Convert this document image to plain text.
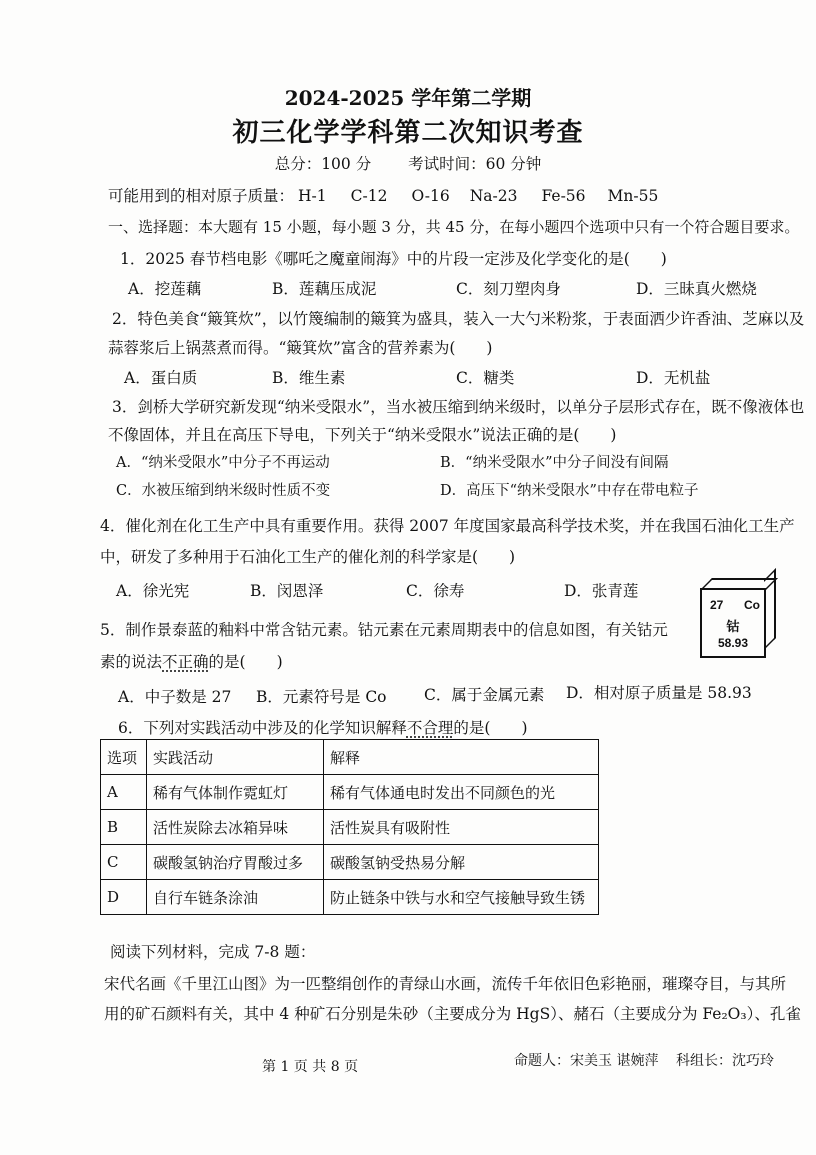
2024-2025 学年第二学期
初三化学学科第二次知识考查
总分：100 分 考试时间：60 分钟
可能用到的相对原子质量： H-1 C-12 O-16 Na-23 Fe-56 Mn-55
一、选择题：本大题有 15 小题，每小题 3 分，共 45 分，在每小题四个选项中只有一个符合题目要求。
1．2025 春节档电影《哪吒之魔童闹海》中的片段一定涉及化学变化的是(　　)
A．挖莲藕	B．莲藕压成泥	C．刻刀塑肉身	D．三昧真火燃烧
2．特色美食“簸箕炊”，以竹篾编制的簸箕为盛具，装入一大勺米粉浆，于表面洒少许香油、芝麻以及
蒜蓉浆后上锅蒸煮而得。“簸箕炊”富含的营养素为(　　)
A．蛋白质	B．维生素	C．糖类	D．无机盐
3．剑桥大学研究新发现“纳米受限水”，当水被压缩到纳米级时，以单分子层形式存在，既不像液体也
不像固体，并且在高压下导电，下列关于“纳米受限水”说法正确的是(　　)
A．“纳米受限水”中分子不再运动	B．“纳米受限水”中分子间没有间隔
C．水被压缩到纳米级时性质不变	D．高压下“纳米受限水”中存在带电粒子
4．催化剂在化工生产中具有重要作用。获得 2007 年度国家最高科学技术奖，并在我国石油化工生产
中，研发了多种用于石油化工生产的催化剂的科学家是(　　)
A．徐光宪	B．闵恩泽	C．徐寿	D．张青莲
5．制作景泰蓝的釉料中常含钴元素。钴元素在元素周期表中的信息如图，有关钴元
素的说法不正确的是(　　)
A．中子数是 27 B．元素符号是 Co C．属于金属元素 D．相对原子质量是 58.93
27 Co
钴
58.93
6．下列对实践活动中涉及的化学知识解释不合理的是(　　)
选项	实践活动	解释
A	稀有气体制作霓虹灯	稀有气体通电时发出不同颜色的光
B	活性炭除去冰箱异味	活性炭具有吸附性
C	碳酸氢钠治疗胃酸过多	碳酸氢钠受热易分解
D	自行车链条涂油	防止链条中铁与水和空气接触导致生锈
阅读下列材料，完成 7-8 题：
宋代名画《千里江山图》为一匹整绢创作的青绿山水画，流传千年依旧色彩艳丽，璀璨夺目，与其所
用的矿石颜料有关，其中 4 种矿石分别是朱砂（主要成分为 HgS）、赭石（主要成分为 Fe₂O₃）、孔雀
第 1 页 共 8 页	命题人：宋美玉 谌婉萍 科组长：沈巧玲
